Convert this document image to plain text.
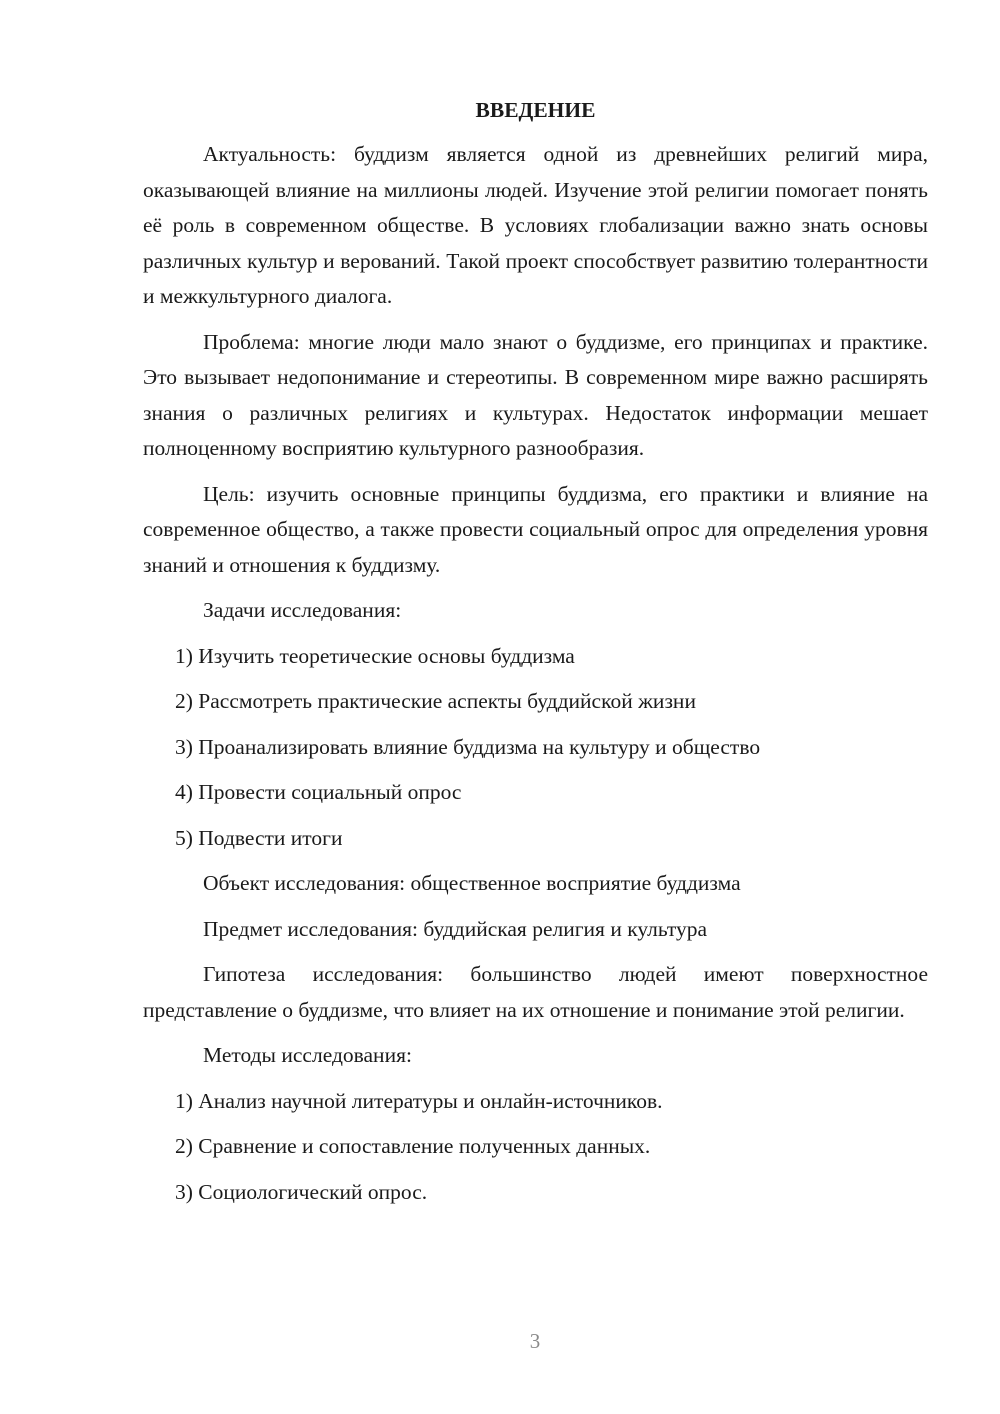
ВВЕДЕНИЕ

Актуальность: буддизм является одной из древнейших религий мира, оказывающей влияние на миллионы людей. Изучение этой религии помогает понять её роль в современном обществе. В условиях глобализации важно знать основы различных культур и верований. Такой проект способствует развитию толерантности и межкультурного диалога.

Проблема: многие люди мало знают о буддизме, его принципах и практике. Это вызывает недопонимание и стереотипы. В современном мире важно расширять знания о различных религиях и культурах. Недостаток информации мешает полноценному восприятию культурного разнообразия.

Цель: изучить основные принципы буддизма, его практики и влияние на современное общество, а также провести социальный опрос для определения уровня знаний и отношения к буддизму.

Задачи исследования:
1) Изучить теоретические основы буддизма
2) Рассмотреть практические аспекты буддийской жизни
3) Проанализировать влияние буддизма на культуру и общество
4) Провести социальный опрос
5) Подвести итоги
Объект исследования: общественное восприятие буддизма
Предмет исследования: буддийская религия и культура

Гипотеза исследования: большинство людей имеют поверхностное представление о буддизме, что влияет на их отношение и понимание этой религии.

Методы исследования:
1) Анализ научной литературы и онлайн-источников.
2) Сравнение и сопоставление полученных данных.
3) Социологический опрос.
3
